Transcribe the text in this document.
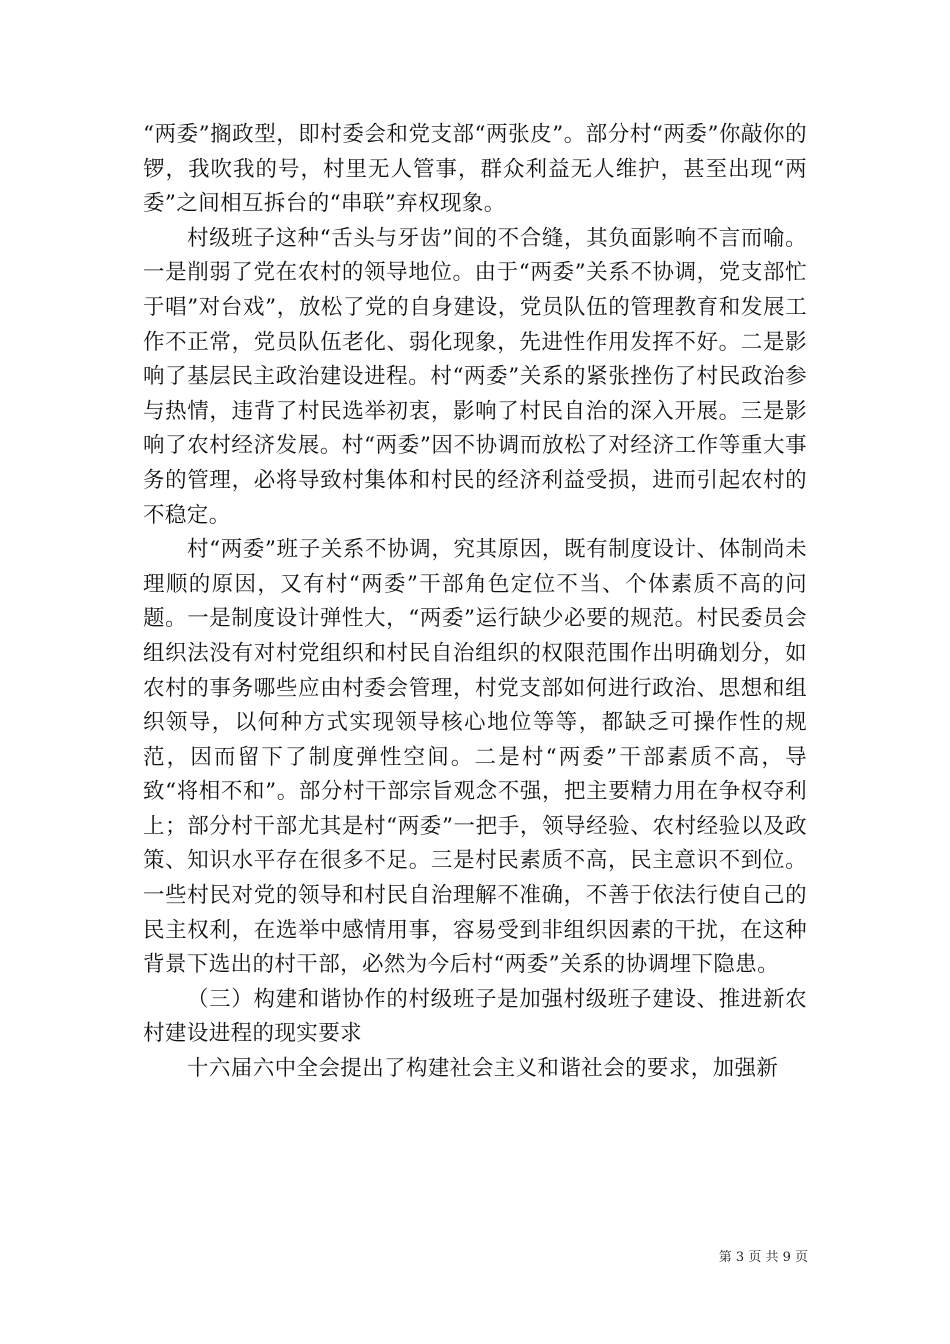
“两委”搁政型，即村委会和党支部“两张皮”。部分村“两委”你敲你的锣，我吹我的号，村里无人管事，群众利益无人维护，甚至出现“两委”之间相互拆台的“串联”弃权现象。

村级班子这种“舌头与牙齿”间的不合缝，其负面影响不言而喻。一是削弱了党在农村的领导地位。由于“两委”关系不协调，党支部忙于唱”对台戏”，放松了党的自身建设，党员队伍的管理教育和发展工作不正常，党员队伍老化、弱化现象，先进性作用发挥不好。二是影响了基层民主政治建设进程。村“两委”关系的紧张挫伤了村民政治参与热情，违背了村民选举初衷，影响了村民自治的深入开展。三是影响了农村经济发展。村“两委”因不协调而放松了对经济工作等重大事务的管理，必将导致村集体和村民的经济利益受损，进而引起农村的不稳定。

村“两委”班子关系不协调，究其原因，既有制度设计、体制尚未理顺的原因，又有村“两委”干部角色定位不当、个体素质不高的问题。一是制度设计弹性大，“两委”运行缺少必要的规范。村民委员会组织法没有对村党组织和村民自治组织的权限范围作出明确划分，如农村的事务哪些应由村委会管理，村党支部如何进行政治、思想和组织领导，以何种方式实现领导核心地位等等，都缺乏可操作性的规范，因而留下了制度弹性空间。二是村“两委”干部素质不高，导致“将相不和”。部分村干部宗旨观念不强，把主要精力用在争权夺利上；部分村干部尤其是村“两委”一把手，领导经验、农村经验以及政策、知识水平存在很多不足。三是村民素质不高，民主意识不到位。一些村民对党的领导和村民自治理解不准确，不善于依法行使自己的民主权利，在选举中感情用事，容易受到非组织因素的干扰，在这种背景下选出的村干部，必然为今后村“两委”关系的协调埋下隐患。

（三）构建和谐协作的村级班子是加强村级班子建设、推进新农村建设进程的现实要求

十六届六中全会提出了构建社会主义和谐社会的要求，加强新

第 3 页 共 9 页
